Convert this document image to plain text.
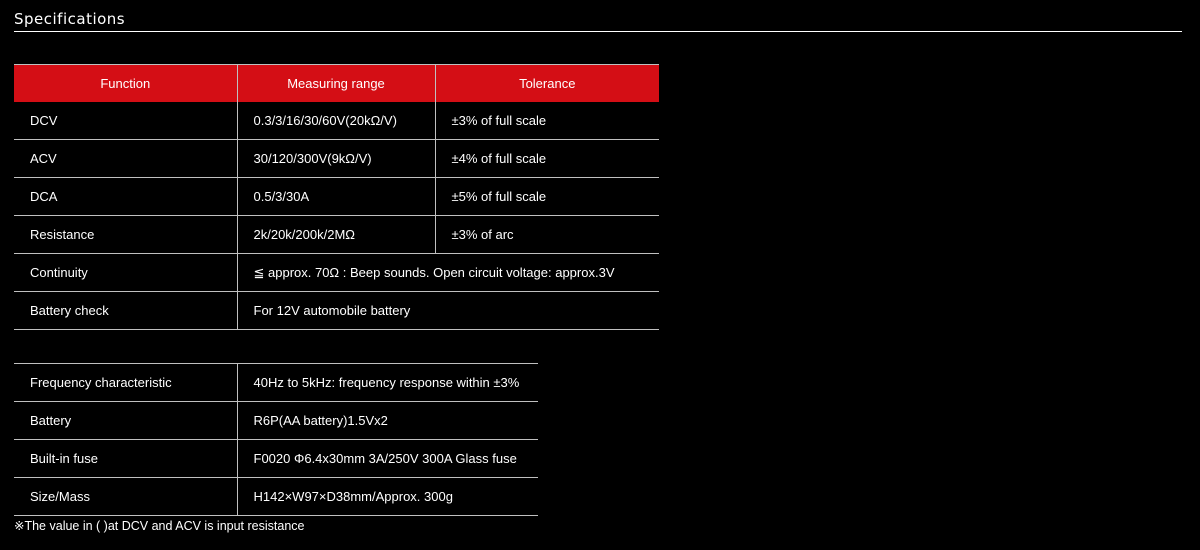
Specifications
Function	Measuring range	Tolerance
DCV	0.3/3/16/30/60V(20kΩ/V)	±3% of full scale
ACV	30/120/300V(9kΩ/V)	±4% of full scale
DCA	0.5/3/30A	±5% of full scale
Resistance	2k/20k/200k/2MΩ	±3% of arc
Continuity	≦ approx. 70Ω : Beep sounds. Open circuit voltage: approx.3V	
Battery check	For 12V automobile battery	
Frequency characteristic	40Hz to 5kHz: frequency response within ±3%
Battery	R6P(AA battery)1.5Vx2
Built-in fuse	F0020 Φ6.4x30mm 3A/250V 300A Glass fuse
Size/Mass	H142×W97×D38mm/Approx. 300g
※The value in ( )at DCV and ACV is input resistance
